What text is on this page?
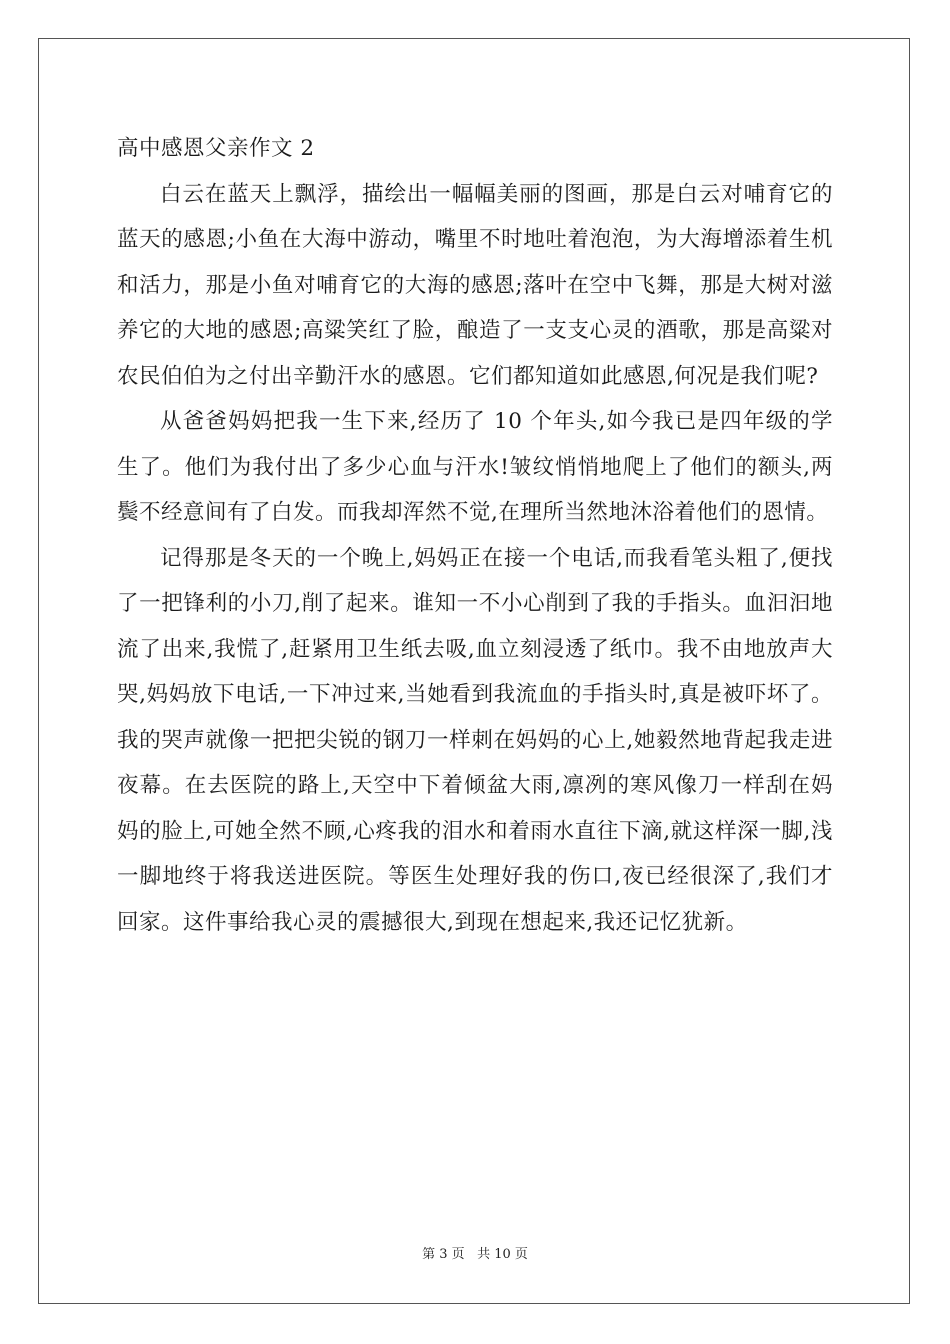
高中感恩父亲作文 2

白云在蓝天上飘浮，描绘出一幅幅美丽的图画，那是白云对哺育它的蓝天的感恩;小鱼在大海中游动，嘴里不时地吐着泡泡，为大海增添着生机和活力，那是小鱼对哺育它的大海的感恩;落叶在空中飞舞，那是大树对滋养它的大地的感恩;高粱笑红了脸，酿造了一支支心灵的酒歌，那是高粱对农民伯伯为之付出辛勤汗水的感恩。它们都知道如此感恩,何况是我们呢?

从爸爸妈妈把我一生下来,经历了 10 个年头,如今我已是四年级的学生了。他们为我付出了多少心血与汗水!皱纹悄悄地爬上了他们的额头,两鬓不经意间有了白发。而我却浑然不觉,在理所当然地沐浴着他们的恩情。

记得那是冬天的一个晚上,妈妈正在接一个电话,而我看笔头粗了,便找了一把锋利的小刀,削了起来。谁知一不小心削到了我的手指头。血汩汩地流了出来,我慌了,赶紧用卫生纸去吸,血立刻浸透了纸巾。我不由地放声大哭,妈妈放下电话,一下冲过来,当她看到我流血的手指头时,真是被吓坏了。我的哭声就像一把把尖锐的钢刀一样刺在妈妈的心上,她毅然地背起我走进夜幕。在去医院的路上,天空中下着倾盆大雨,凛冽的寒风像刀一样刮在妈妈的脸上,可她全然不顾,心疼我的泪水和着雨水直往下滴,就这样深一脚,浅一脚地终于将我送进医院。等医生处理好我的伤口,夜已经很深了,我们才回家。这件事给我心灵的震撼很大,到现在想起来,我还记忆犹新。

第 3 页 共 10 页
